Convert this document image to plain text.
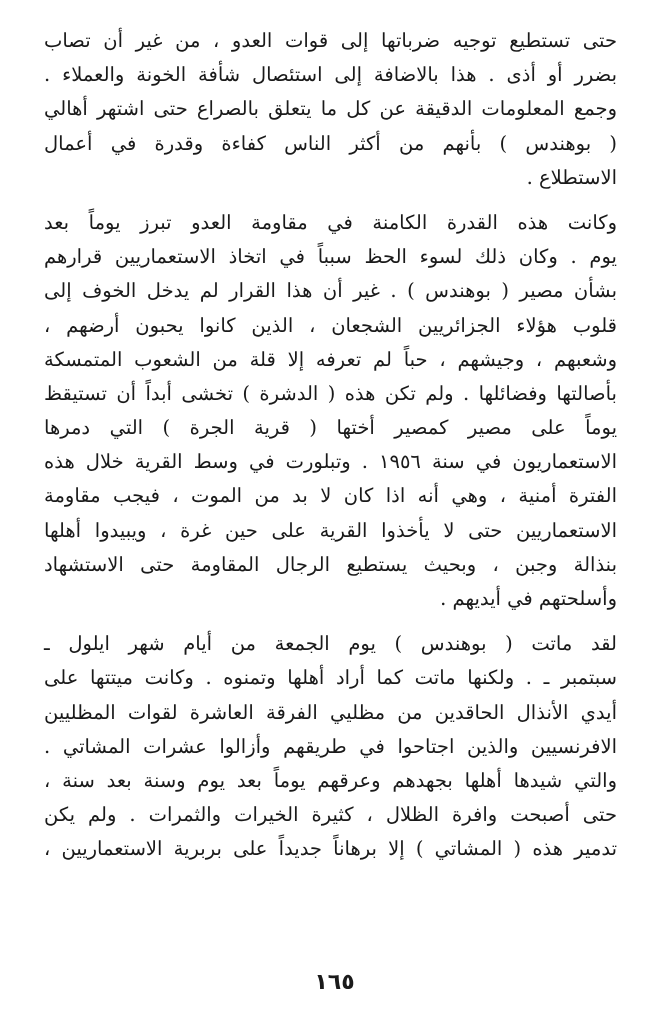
حتى تستطيع توجيه ضرباتها إلى قوات العدو ، من غير أن تصاب
بضرر أو أذى . هذا بالاضافة إلى استئصال شأفة الخونة والعملاء .
وجمع المعلومات الدقيقة عن كل ما يتعلق بالصراع حتى اشتهر أهالي
( بوهندس ) بأنهم من أكثر الناس كفاءة وقدرة في أعمال
الاستطلاع .
وكانت هذه القدرة الكامنة في مقاومة العدو تبرز يوماً بعد
يوم . وكان ذلك لسوء الحظ سبباً في اتخاذ الاستعماريين قرارهم
بشأن مصير ( بوهندس ) . غير أن هذا القرار لم يدخل الخوف إلى
قلوب هؤلاء الجزائريين الشجعان ، الذين كانوا يحبون أرضهم ،
وشعبهم ، وجيشهم ، حباً لم تعرفه إلا قلة من الشعوب المتمسكة
بأصالتها وفضائلها . ولم تكن هذه ( الدشرة ) تخشى أبداً أن تستيقظ
يوماً على مصير كمصير أختها ( قرية الجرة ) التي دمرها
الاستعماريون في سنة ١٩٥٦ . وتبلورت في وسط القرية خلال هذه
الفترة أمنية ، وهي أنه اذا كان لا بد من الموت ، فيجب مقاومة
الاستعماريين حتى لا يأخذوا القرية على حين غرة ، ويبيدوا أهلها
بنذالة وجبن ، وبحيث يستطيع الرجال المقاومة حتى الاستشهاد
وأسلحتهم في أيديهم .
لقد ماتت ( بوهندس ) يوم الجمعة من أيام شهر ايلول ـ
سبتمبر ـ . ولكنها ماتت كما أراد أهلها وتمنوه . وكانت ميتتها على
أيدي الأنذال الحاقدين من مظليي الفرقة العاشرة لقوات المظليين
الافرنسيين والذين اجتاحوا في طريقهم وأزالوا عشرات المشاتي .
والتي شيدها أهلها بجهدهم وعرقهم يوماً بعد يوم وسنة بعد سنة ،
حتى أصبحت وافرة الظلال ، كثيرة الخيرات والثمرات . ولم يكن
تدمير هذه ( المشاتي ) إلا برهاناً جديداً على بربرية الاستعماريين ،
١٦٥
